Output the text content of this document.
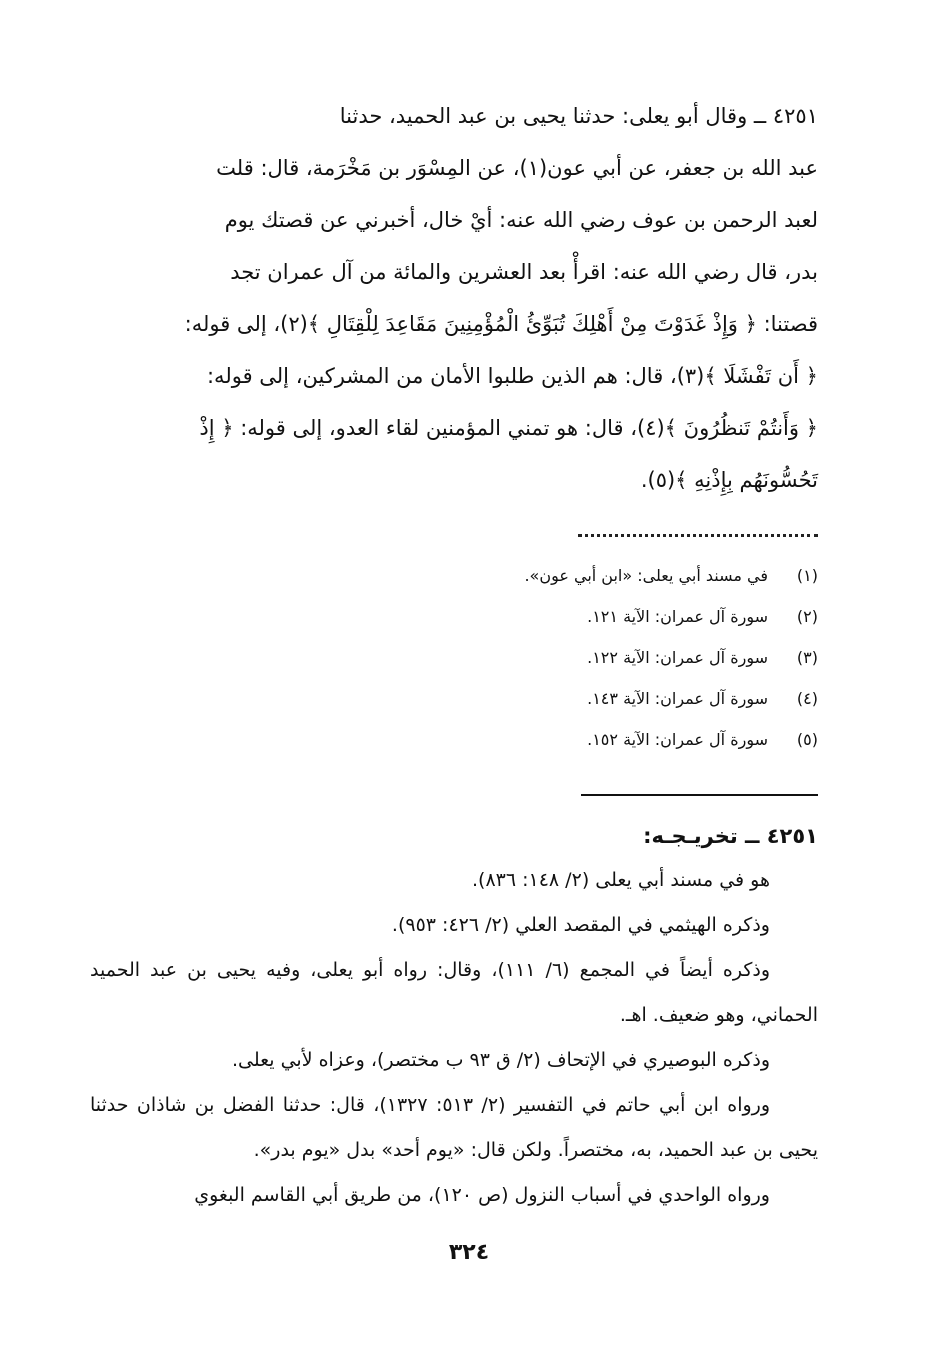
٤٢٥١ ــ وقال أبو يعلى: حدثنا يحيى بن عبد الحميد، حدثنا

عبد الله بن جعفر، عن أبي عون(١)، عن المِسْوَر بن مَخْرَمة، قال: قلت

لعبد الرحمن بن عوف رضي الله عنه: أيْ خال، أخبرني عن قصتك يوم

بدر، قال رضي الله عنه: اقرأْ بعد العشرين والمائة من آل عمران تجد

قصتنا: ﴿ وَإِذْ غَدَوْتَ مِنْ أَهْلِكَ تُبَوِّئُ الْمُؤْمِنِينَ مَقَاعِدَ لِلْقِتَالِ ﴾(٢)، إلى قوله:

﴿ أَن تَفْشَلَا ﴾(٣)، قال: هم الذين طلبوا الأمان من المشركين، إلى قوله:

﴿ وَأَنتُمْ تَنظُرُونَ ﴾(٤)، قال: هو تمني المؤمنين لقاء العدو، إلى قوله: ﴿ إِذْ

تَحُسُّونَهُم بِإِذْنِهِ ﴾(٥).

(١)
في مسند أبي يعلى: «ابن أبي عون».
(٢)
سورة آل عمران: الآية ١٢١.
(٣)
سورة آل عمران: الآية ١٢٢.
(٤)
سورة آل عمران: الآية ١٤٣.
(٥)
سورة آل عمران: الآية ١٥٢.
٤٢٥١ ــ تخريـجـه:

هو في مسند أبي يعلى (٢/ ١٤٨: ٨٣٦).

وذكره الهيثمي في المقصد العلي (٢/ ٤٢٦: ٩٥٣).

وذكره أيضاً في المجمع (٦/ ١١١)، وقال: رواه أبو يعلى، وفيه يحيى بن عبد الحميد الحماني، وهو ضعيف. اهـ.

وذكره البوصيري في الإتحاف (٢/ ق ٩٣ ب مختصر)، وعزاه لأبي يعلى.

ورواه ابن أبي حاتم في التفسير (٢/ ٥١٣: ١٣٢٧)، قال: حدثنا الفضل بن شاذان حدثنا يحيى بن عبد الحميد، به، مختصراً. ولكن قال: «يوم أحد» بدل «يوم بدر».

ورواه الواحدي في أسباب النزول (ص ١٢٠)، من طريق أبي القاسم البغوي

٣٢٤
